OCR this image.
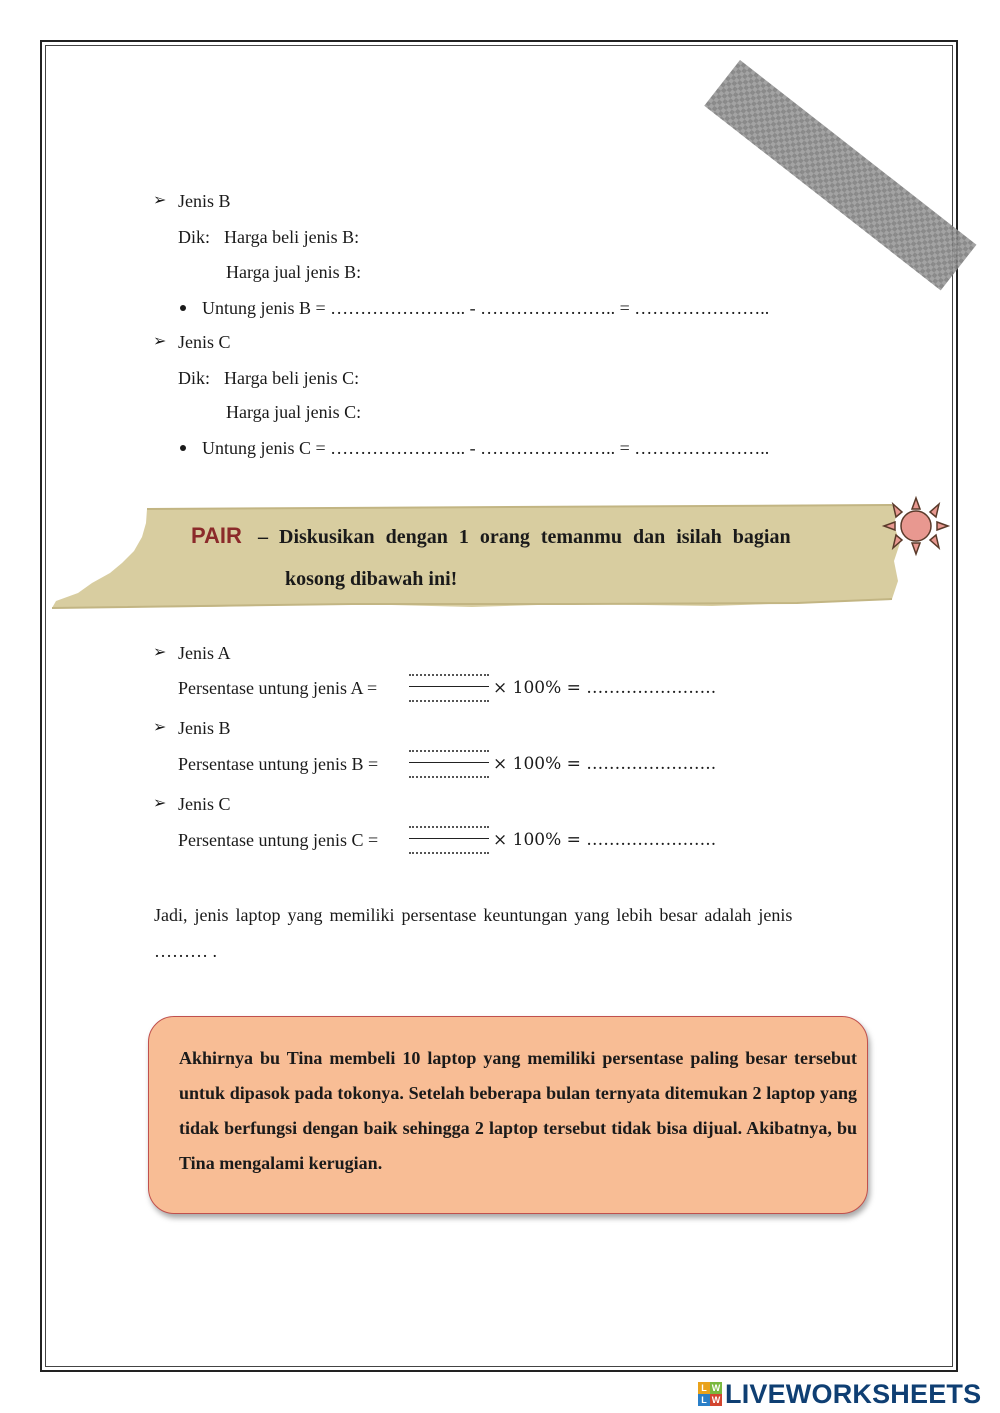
➢ Jenis B
Dik: Harga beli jenis B:
Harga jual jenis B:
Untung jenis B = ………………….. - ………………….. = …………………..
➢ Jenis C
Dik: Harga beli jenis C:
Harga jual jenis C:
Untung jenis C = ………………….. - ………………….. = …………………..
PAIR – Diskusikan dengan 1 orang temanmu dan isilah bagian
kosong dibawah ini!
➢ Jenis A
Persentase untung jenis A =	× 100% = …………………..
➢ Jenis B
Persentase untung jenis B =	× 100% = …………………..
➢ Jenis C
Persentase untung jenis C =	× 100% = …………………..
Jadi, jenis laptop yang memiliki persentase keuntungan yang lebih besar adalah jenis
……… .
Akhirnya bu Tina membeli 10 laptop yang memiliki persentase paling besar tersebut untuk dipasok pada tokonya. Setelah beberapa bulan ternyata ditemukan 2 laptop yang tidak berfungsi dengan baik sehingga 2 laptop tersebut tidak bisa dijual. Akibatnya, bu Tina mengalami kerugian.
L W
L W LIVEWORKSHEETS
